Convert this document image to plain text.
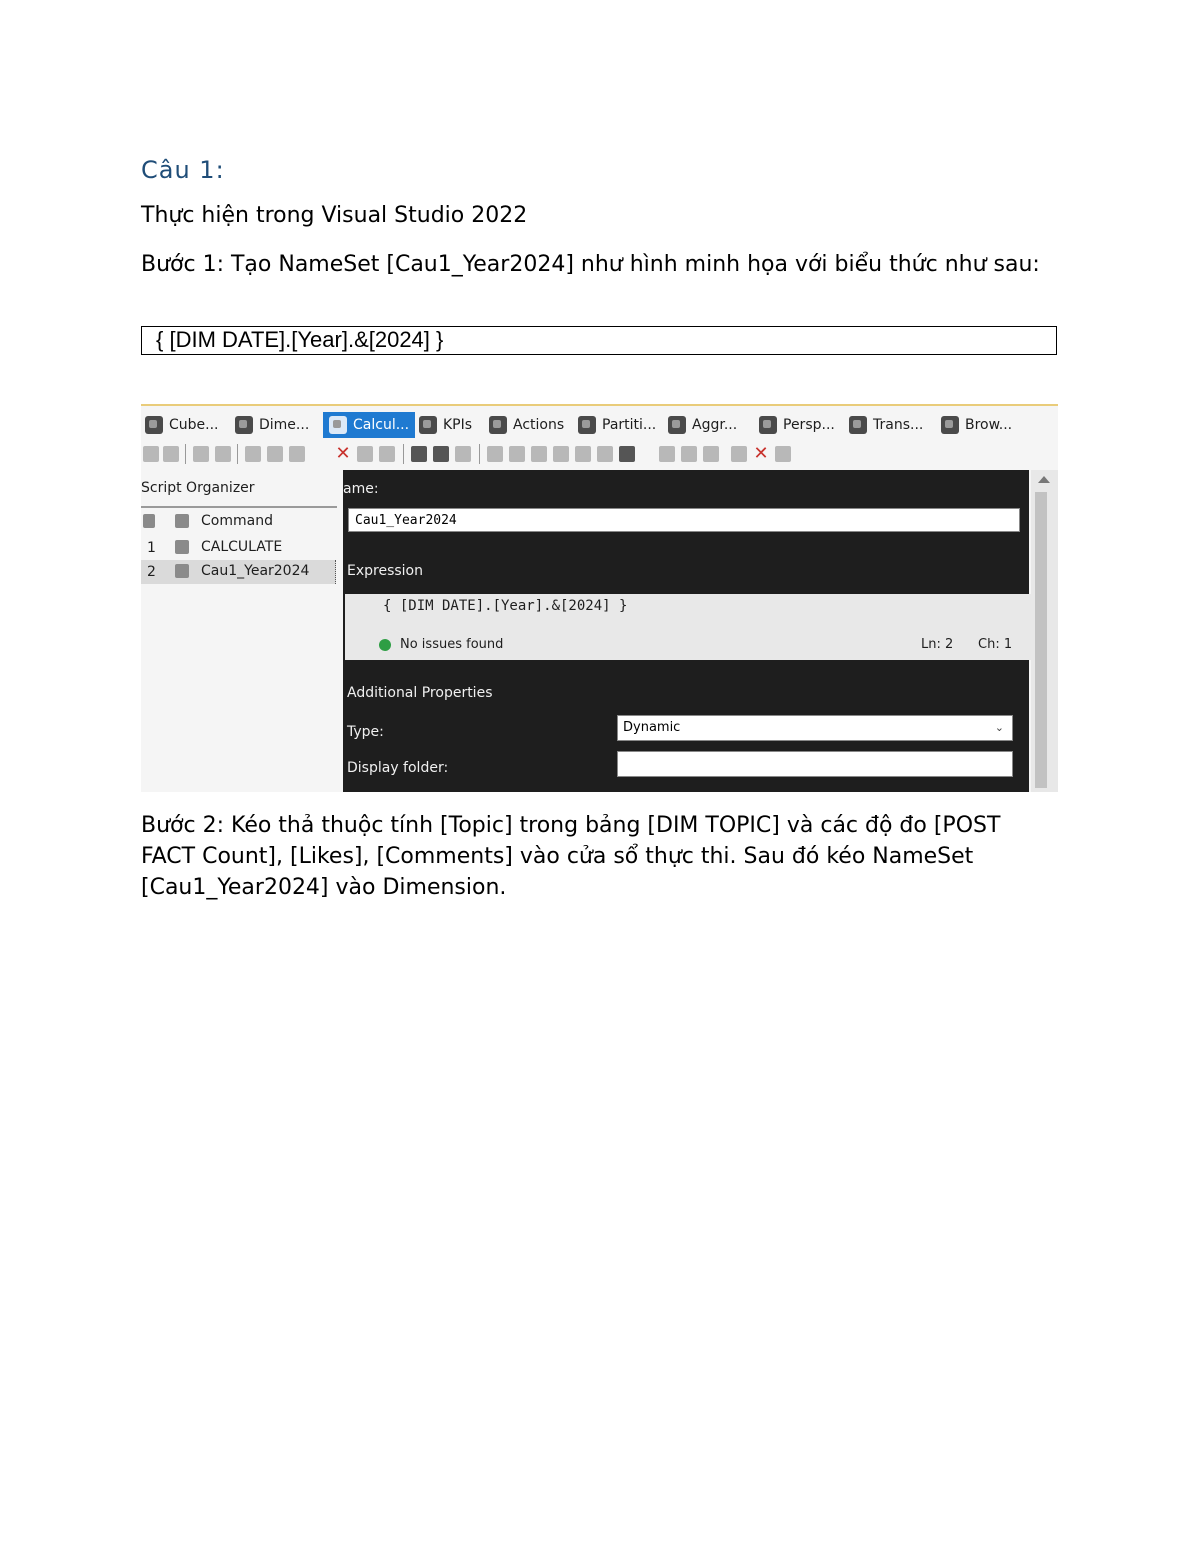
Câu 1:

Thực hiện trong Visual Studio 2022

Bước 1: Tạo NameSet [Cau1_Year2024] như hình minh họa với biểu thức như sau:

{ [DIM DATE].[Year].&[2024] }
Cube...	Dime...	Calcul... KPIs	Actions	Partiti...	Aggr...	Persp...	Trans...	Brow...
✕	✕
Script Organizer
Command
1	CALCULATE
2	Cau1_Year2024
ame:
Cau1_Year2024
Expression
{ [DIM DATE].[Year].&[2024] }
No issues found	Ln: 2 Ch: 1
Additional Properties
Type:	Dynamic	⌄
Display folder:

Bước 2: Kéo thả thuộc tính [Topic] trong bảng [DIM TOPIC] và các độ đo [POST FACT Count], [Likes], [Comments] vào cửa sổ thực thi. Sau đó kéo NameSet [Cau1_Year2024] vào Dimension.
